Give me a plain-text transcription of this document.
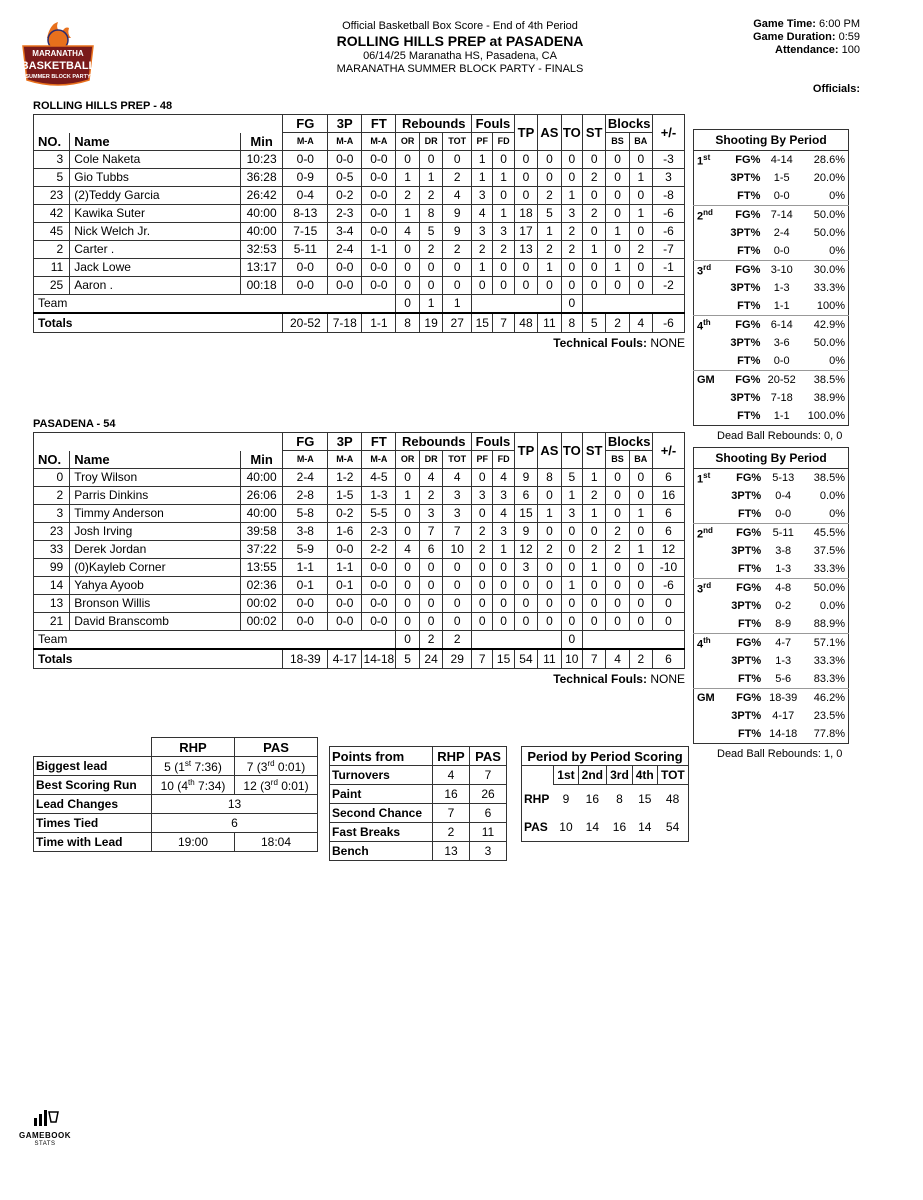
MARANATHA
BASKETBALL
SUMMER BLOCK PARTY
Official Basketball Box Score - End of 4th Period
ROLLING HILLS PREP at PASADENA
06/14/25 Maranatha HS, Pasadena, CA
MARANATHA SUMMER BLOCK PARTY - FINALS
Game Time: 6:00 PM
Game Duration: 0:59
Attendance: 100
Officials:
ROLLING HILLS PREP - 48
			FG	3P	FT	Rebounds			Fouls		TP	AS	TO	ST	Blocks		+/-
NO.	Name	Min	M-A	M-A	M-A	OR	DR	TOT	PF	FD					BS	BA	
3	Cole Naketa	10:23	0-0	0-0	0-0	0	0	0	1	0	0	0	0	0	0	0	-3
5	Gio Tubbs	36:28	0-9	0-5	0-0	1	1	2	1	1	0	0	0	2	0	1	3
23	(2)Teddy Garcia	26:42	0-4	0-2	0-0	2	2	4	3	0	0	2	1	0	0	0	-8
42	Kawika Suter	40:00	8-13	2-3	0-0	1	8	9	4	1	18	5	3	2	0	1	-6
45	Nick Welch Jr.	40:00	7-15	3-4	0-0	4	5	9	3	3	17	1	2	0	1	0	-6
2	Carter .	32:53	5-11	2-4	1-1	0	2	2	2	2	13	2	2	1	0	2	-7
11	Jack Lowe	13:17	0-0	0-0	0-0	0	0	0	1	0	0	1	0	0	1	0	-1
25	Aaron .	00:18	0-0	0-0	0-0	0	0	0	0	0	0	0	0	0	0	0	-2
Team						0	1	1					0				
Totals			20-52	7-18	1-1	8	19	27	15	7	48	11	8	5	2	4	-6
Technical Fouls: NONE
Shooting By Period			
1st	FG%	4-14	28.6%
	3PT%	1-5	20.0%
	FT%	0-0	0%
2nd	FG%	7-14	50.0%
	3PT%	2-4	50.0%
	FT%	0-0	0%
3rd	FG%	3-10	30.0%
	3PT%	1-3	33.3%
	FT%	1-1	100%
4th	FG%	6-14	42.9%
	3PT%	3-6	50.0%
	FT%	0-0	0%
GM	FG%	20-52	38.5%
	3PT%	7-18	38.9%
	FT%	1-1	100.0%
Dead Ball Rebounds: 0, 0
PASADENA - 54
			FG	3P	FT	Rebounds			Fouls		TP	AS	TO	ST	Blocks		+/-
NO.	Name	Min	M-A	M-A	M-A	OR	DR	TOT	PF	FD					BS	BA	
0	Troy Wilson	40:00	2-4	1-2	4-5	0	4	4	0	4	9	8	5	1	0	0	6
2	Parris Dinkins	26:06	2-8	1-5	1-3	1	2	3	3	3	6	0	1	2	0	0	16
3	Timmy Anderson	40:00	5-8	0-2	5-5	0	3	3	0	4	15	1	3	1	0	1	6
23	Josh Irving	39:58	3-8	1-6	2-3	0	7	7	2	3	9	0	0	0	2	0	6
33	Derek Jordan	37:22	5-9	0-0	2-2	4	6	10	2	1	12	2	0	2	2	1	12
99	(0)Kayleb Corner	13:55	1-1	1-1	0-0	0	0	0	0	0	3	0	0	1	0	0	-10
14	Yahya Ayoob	02:36	0-1	0-1	0-0	0	0	0	0	0	0	0	1	0	0	0	-6
13	Bronson Willis	00:02	0-0	0-0	0-0	0	0	0	0	0	0	0	0	0	0	0	0
21	David Branscomb	00:02	0-0	0-0	0-0	0	0	0	0	0	0	0	0	0	0	0	0
Team						0	2	2					0				
Totals			18-39	4-17	14-18	5	24	29	7	15	54	11	10	7	4	2	6
Technical Fouls: NONE
Shooting By Period			
1st	FG%	5-13	38.5%
	3PT%	0-4	0.0%
	FT%	0-0	0%
2nd	FG%	5-11	45.5%
	3PT%	3-8	37.5%
	FT%	1-3	33.3%
3rd	FG%	4-8	50.0%
	3PT%	0-2	0.0%
	FT%	8-9	88.9%
4th	FG%	4-7	57.1%
	3PT%	1-3	33.3%
	FT%	5-6	83.3%
GM	FG%	18-39	46.2%
	3PT%	4-17	23.5%
	FT%	14-18	77.8%
Dead Ball Rebounds: 1, 0
	RHP	PAS
Biggest lead	5 (1st 7:36)	7 (3rd 0:01)
Best Scoring Run	10 (4th 7:34)	12 (3rd 0:01)
Lead Changes	13	
Times Tied	6	
Time with Lead	19:00	18:04
Points from	RHP	PAS
Turnovers	4	7
Paint	16	26
Second Chance	7	6
Fast Breaks	2	11
Bench	13	3
Period by Period Scoring					
	1st	2nd	3rd	4th	TOT
RHP	9	16	8	15	48
PAS	10	14	16	14	54
GAMEBOOK
STATS
